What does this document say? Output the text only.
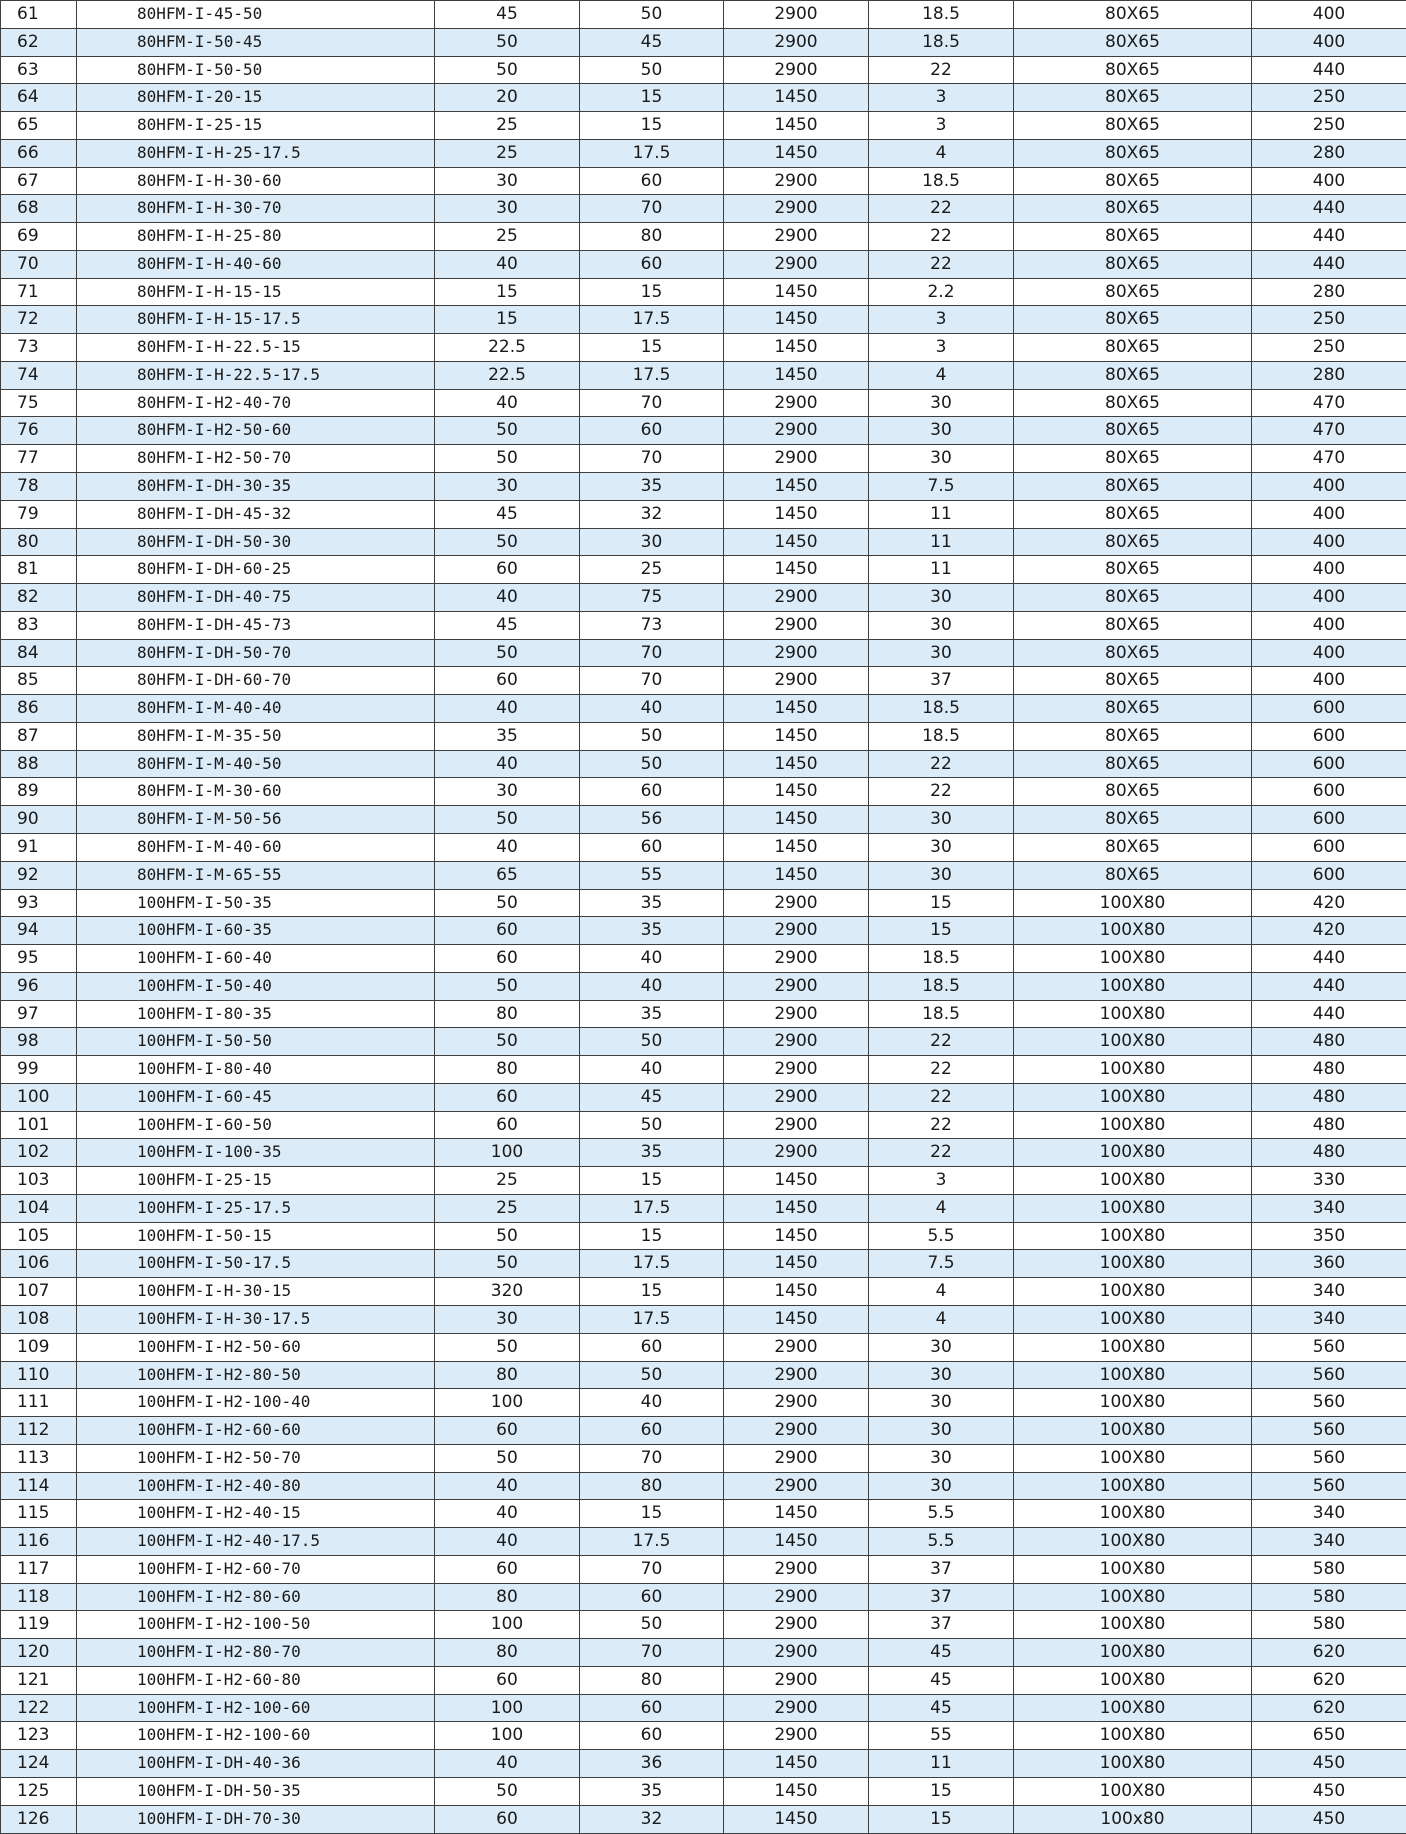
61	80HFM-I-45-50	45	50	2900	18.5	80X65	400
62	80HFM-I-50-45	50	45	2900	18.5	80X65	400
63	80HFM-I-50-50	50	50	2900	22	80X65	440
64	80HFM-I-20-15	20	15	1450	3	80X65	250
65	80HFM-I-25-15	25	15	1450	3	80X65	250
66	80HFM-I-H-25-17.5	25	17.5	1450	4	80X65	280
67	80HFM-I-H-30-60	30	60	2900	18.5	80X65	400
68	80HFM-I-H-30-70	30	70	2900	22	80X65	440
69	80HFM-I-H-25-80	25	80	2900	22	80X65	440
70	80HFM-I-H-40-60	40	60	2900	22	80X65	440
71	80HFM-I-H-15-15	15	15	1450	2.2	80X65	280
72	80HFM-I-H-15-17.5	15	17.5	1450	3	80X65	250
73	80HFM-I-H-22.5-15	22.5	15	1450	3	80X65	250
74	80HFM-I-H-22.5-17.5	22.5	17.5	1450	4	80X65	280
75	80HFM-I-H2-40-70	40	70	2900	30	80X65	470
76	80HFM-I-H2-50-60	50	60	2900	30	80X65	470
77	80HFM-I-H2-50-70	50	70	2900	30	80X65	470
78	80HFM-I-DH-30-35	30	35	1450	7.5	80X65	400
79	80HFM-I-DH-45-32	45	32	1450	11	80X65	400
80	80HFM-I-DH-50-30	50	30	1450	11	80X65	400
81	80HFM-I-DH-60-25	60	25	1450	11	80X65	400
82	80HFM-I-DH-40-75	40	75	2900	30	80X65	400
83	80HFM-I-DH-45-73	45	73	2900	30	80X65	400
84	80HFM-I-DH-50-70	50	70	2900	30	80X65	400
85	80HFM-I-DH-60-70	60	70	2900	37	80X65	400
86	80HFM-I-M-40-40	40	40	1450	18.5	80X65	600
87	80HFM-I-M-35-50	35	50	1450	18.5	80X65	600
88	80HFM-I-M-40-50	40	50	1450	22	80X65	600
89	80HFM-I-M-30-60	30	60	1450	22	80X65	600
90	80HFM-I-M-50-56	50	56	1450	30	80X65	600
91	80HFM-I-M-40-60	40	60	1450	30	80X65	600
92	80HFM-I-M-65-55	65	55	1450	30	80X65	600
93	100HFM-I-50-35	50	35	2900	15	100X80	420
94	100HFM-I-60-35	60	35	2900	15	100X80	420
95	100HFM-I-60-40	60	40	2900	18.5	100X80	440
96	100HFM-I-50-40	50	40	2900	18.5	100X80	440
97	100HFM-I-80-35	80	35	2900	18.5	100X80	440
98	100HFM-I-50-50	50	50	2900	22	100X80	480
99	100HFM-I-80-40	80	40	2900	22	100X80	480
100	100HFM-I-60-45	60	45	2900	22	100X80	480
101	100HFM-I-60-50	60	50	2900	22	100X80	480
102	100HFM-I-100-35	100	35	2900	22	100X80	480
103	100HFM-I-25-15	25	15	1450	3	100X80	330
104	100HFM-I-25-17.5	25	17.5	1450	4	100X80	340
105	100HFM-I-50-15	50	15	1450	5.5	100X80	350
106	100HFM-I-50-17.5	50	17.5	1450	7.5	100X80	360
107	100HFM-I-H-30-15	320	15	1450	4	100X80	340
108	100HFM-I-H-30-17.5	30	17.5	1450	4	100X80	340
109	100HFM-I-H2-50-60	50	60	2900	30	100X80	560
110	100HFM-I-H2-80-50	80	50	2900	30	100X80	560
111	100HFM-I-H2-100-40	100	40	2900	30	100X80	560
112	100HFM-I-H2-60-60	60	60	2900	30	100X80	560
113	100HFM-I-H2-50-70	50	70	2900	30	100X80	560
114	100HFM-I-H2-40-80	40	80	2900	30	100X80	560
115	100HFM-I-H2-40-15	40	15	1450	5.5	100X80	340
116	100HFM-I-H2-40-17.5	40	17.5	1450	5.5	100X80	340
117	100HFM-I-H2-60-70	60	70	2900	37	100X80	580
118	100HFM-I-H2-80-60	80	60	2900	37	100X80	580
119	100HFM-I-H2-100-50	100	50	2900	37	100X80	580
120	100HFM-I-H2-80-70	80	70	2900	45	100X80	620
121	100HFM-I-H2-60-80	60	80	2900	45	100X80	620
122	100HFM-I-H2-100-60	100	60	2900	45	100X80	620
123	100HFM-I-H2-100-60	100	60	2900	55	100X80	650
124	100HFM-I-DH-40-36	40	36	1450	11	100X80	450
125	100HFM-I-DH-50-35	50	35	1450	15	100X80	450
126	100HFM-I-DH-70-30	60	32	1450	15	100x80	450
